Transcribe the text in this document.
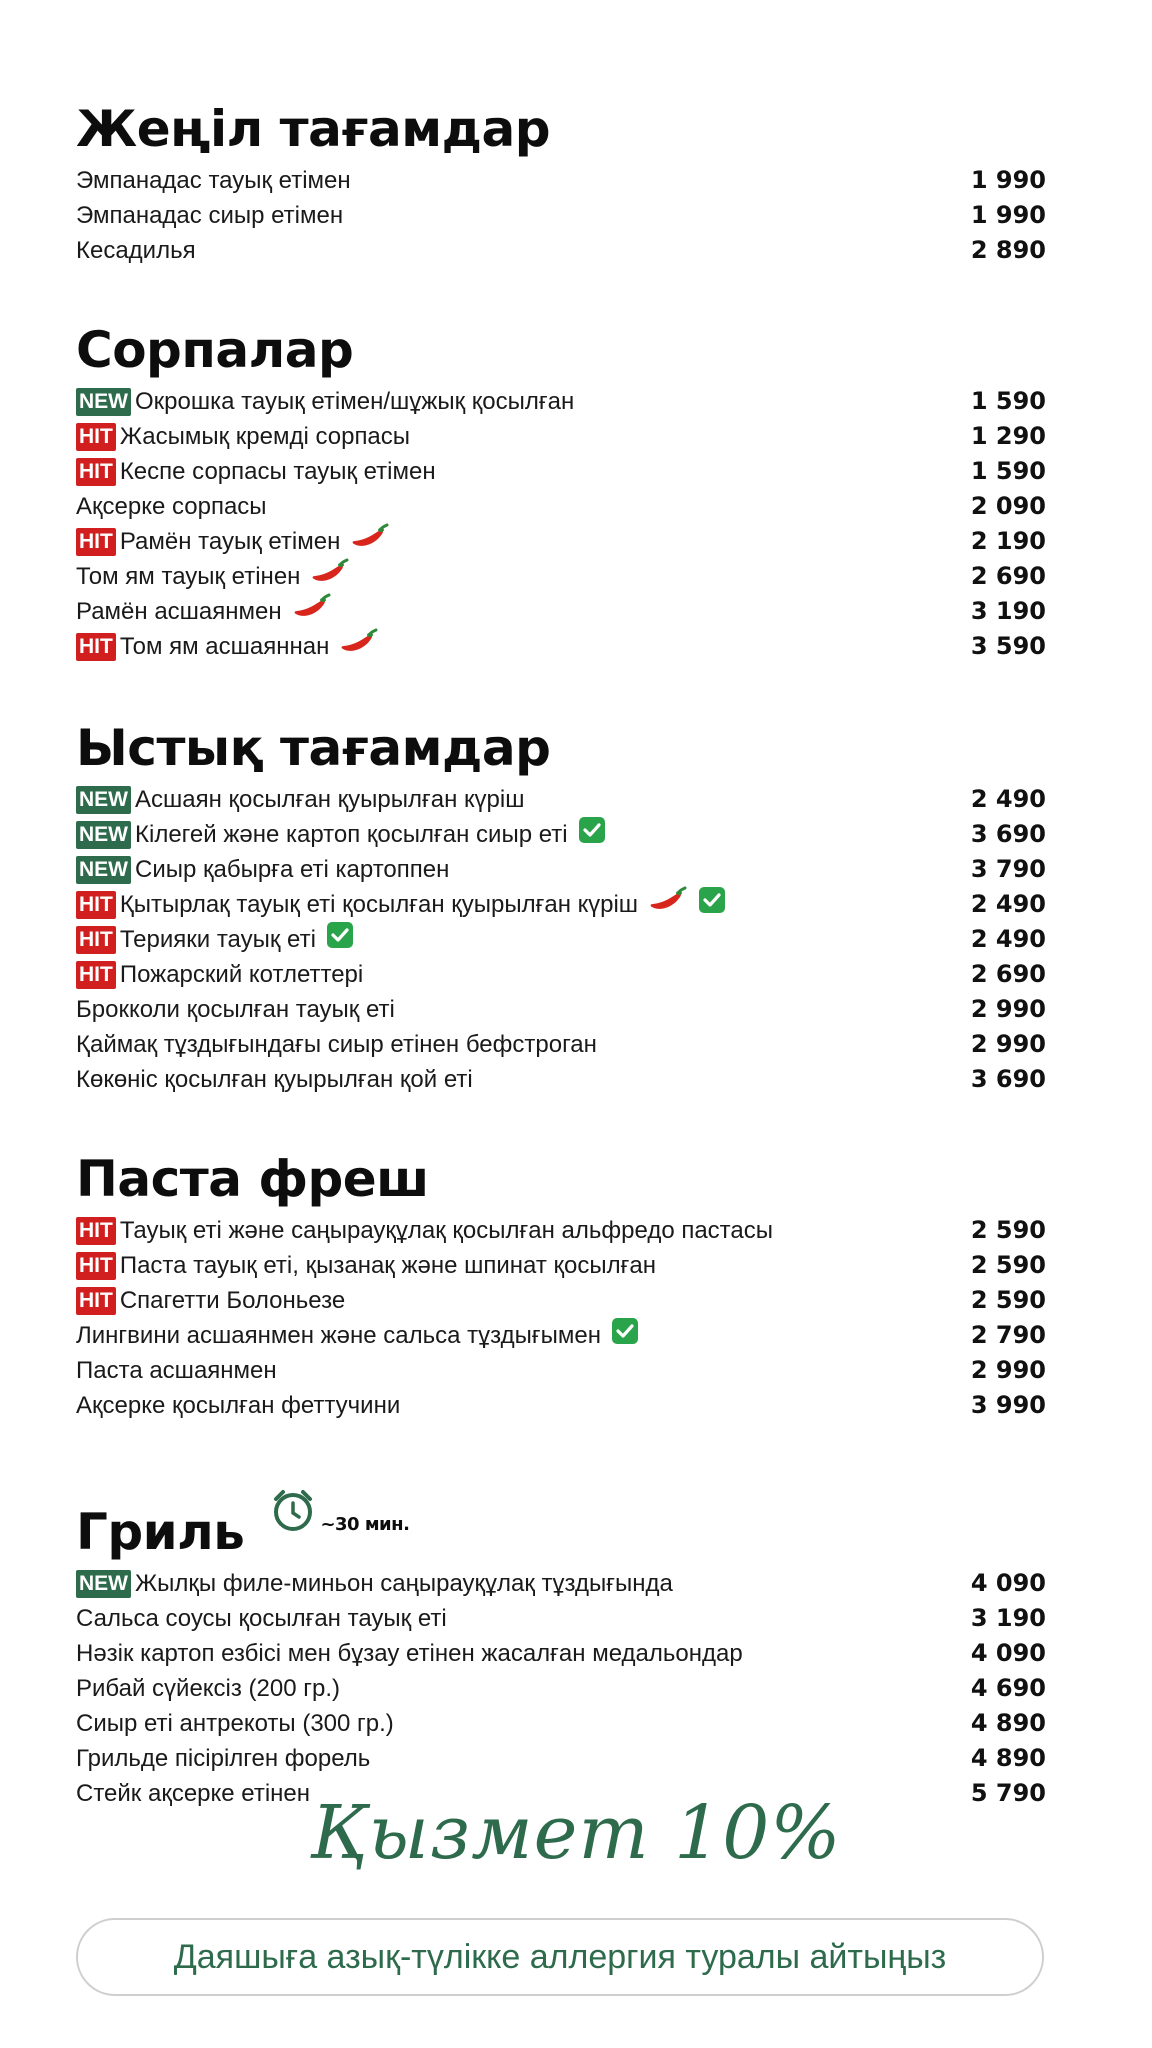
Жеңіл тағамдар
Эмпанадас тауық етімен	1 990
Эмпанадас сиыр етімен	1 990
Кесадилья	2 890
Сорпалар
NEW Окрошка тауық етімен/шұжық қосылған	1 590
HIT Жасымық кремді сорпасы	1 290
HIT Кеспе сорпасы тауық етімен	1 590
Ақсерке сорпасы	2 090
HIT Рамён тауық етімен	2 190
Том ям тауық етінен	2 690
Рамён асшаянмен	3 190
HIT Том ям асшаяннан	3 590
Ыстық тағамдар
NEW Асшаян қосылған қуырылған күріш	2 490
NEW Кілегей және картоп қосылған сиыр еті	3 690
NEW Сиыр қабырға еті картоппен	3 790
HIT Қытырлақ тауық еті қосылған қуырылған күріш	2 490
HIT Терияки тауық еті	2 490
HIT Пожарский котлеттері	2 690
Брокколи қосылған тауық еті	2 990
Қаймақ тұздығындағы сиыр етінен бефстроган	2 990
Көкөніс қосылған қуырылған қой еті	3 690
Паста фреш
HIT Тауық еті және саңырауқұлақ қосылған альфредо пастасы	2 590
HIT Паста тауық еті, қызанақ және шпинат қосылған	2 590
HIT Спагетти Болоньезе	2 590
Лингвини асшаянмен және сальса тұздығымен	2 790
Паста асшаянмен	2 990
Ақсерке қосылған феттучини	3 990
Гриль	~30 мин.
NEW Жылқы филе-миньон саңырауқұлақ тұздығында	4 090
Сальса соусы қосылған тауық еті	3 190
Нәзік картоп езбісі мен бұзау етінен жасалған медальондар	4 090
Рибай сүйексіз (200 гр.)	4 690
Сиыр еті антрекоты (300 гр.)	4 890
Грильде пісірілген форель	4 890
Стейк ақсерке етінен	5 790
Қызмет 10%
Даяшыға азық-түлікке аллергия туралы айтыңыз
